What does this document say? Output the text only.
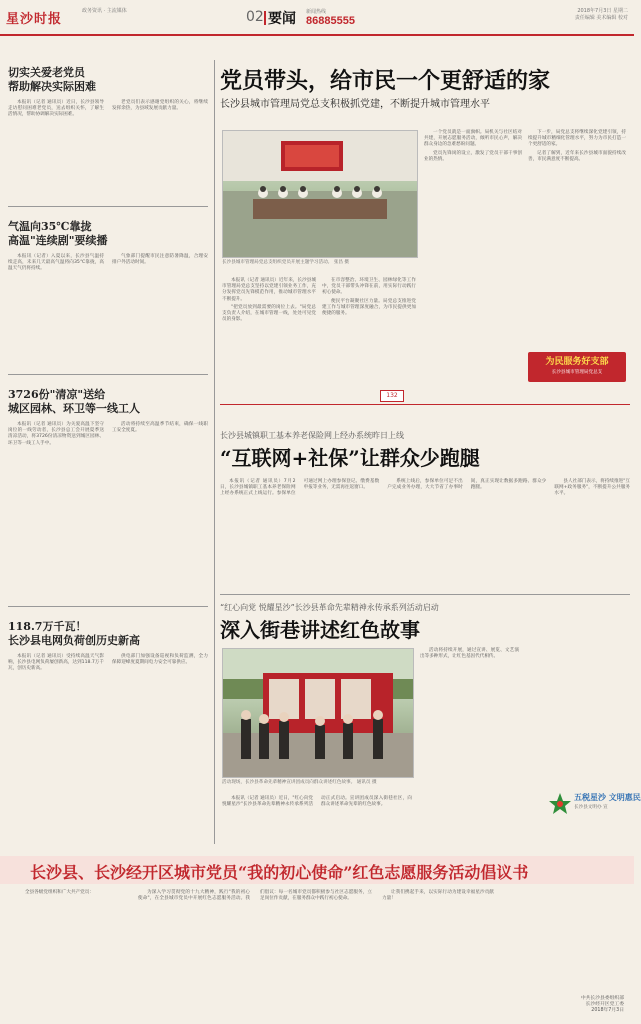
星沙时报
政务资讯 · 主流媒体	02 要闻 新闻热线
86885555
2018年7月3日 星期二
责任编辑 美术编辑 校对
切实关爱老党员
帮助解决实际困难

本报讯（记者 通讯员）近日，长沙县领导走访慰问困难老党员，送去组织关怀，了解生活情况，帮助协调解决实际困难。

老党员们表示感谢党组织的关心，将继续发挥余热，为县域发展贡献力量。

气温向35℃靠拢
高温"连续剧"要续播

本报讯（记者）入夏以来，长沙县气温持续走高，未来几天最高气温将向35℃靠拢，高温天气仍将持续。

气象部门提醒市民注意防暑降温，合理安排户外活动时间。

3726份"清凉"送给
城区园林、环卫等一线工人

本报讯（记者 通讯员）为关爱高温下坚守岗位的一线劳动者，长沙县总工会开展夏季送清凉活动，将3726份清凉物资送到城区园林、环卫等一线工人手中。

活动将持续至高温季节结束，确保一线职工安全度夏。

118.7万千瓦！
长沙县电网负荷创历史新高

本报讯（记者 通讯员）受持续高温天气影响，长沙县电网负荷屡创新高，达到118.7万千瓦，创历史新高。

供电部门加强设备巡视和负荷监测，全力保障迎峰度夏期间电力安全可靠供应。

党员带头，给市民一个更舒适的家
长沙县城市管理局党总支积极抓党建，不断提升城市管理水平
长沙县城市管理局党总支组织党员开展主题学习活动。 张昌 摄

本报讯（记者 通讯员）近年来，长沙县城市管理局党总支坚持以党建引领业务工作，充分发挥党员先锋模范作用，推动城市管理水平不断提升。

"把党员放到最需要的岗位上去。"局党总支负责人介绍，在城市管理一线，处处可见党员的身影。

在市容整治、环境卫生、园林绿化等工作中，党员干部带头冲锋在前，用实际行动践行初心使命。

便民平台凝聚社区力量。局党总支推进党建工作与城市管理深度融合，为市民提供更加便捷的服务。

一个党员就是一面旗帜。局机关与社区结对共建，开展志愿服务活动，倾听市民心声，解决群众身边的急难愁盼问题。

党员先锋岗的设立，激发了党员干部干事创业的热情。

下一步，局党总支将继续深化党建引领，持续提升城市精细化管理水平，努力为市民打造一个更舒适的家。

记者了解到，近年来长沙县城市面貌持续改善，市民满意度不断提高。

132
为民服务好支部
长沙县城市管理局党总支
长沙县城镇职工基本养老保险网上经办系统昨日上线
“互联网+社保”让群众少跑腿

本报讯（记者 通讯员）7月2日，长沙县城镇职工基本养老保险网上经办系统正式上线运行。参保单位可通过网上办理参保登记、缴费基数申报等业务，无需再往返窗口。

系统上线后，参保单位可足不出户完成业务办理，大大节省了办事时间，真正实现让数据多跑路、群众少跑腿。

县人社部门表示，将持续推进"互联网+政务服务"，不断提升公共服务水平。

“红心向党 悦耀星沙”长沙县革命先辈精神永传承系列活动启动
深入街巷讲述红色故事
活动现场，长沙县革命先辈精神宣讲团成员向群众讲述红色故事。 通讯员 摄

本报讯（记者 通讯员）近日，"红心向党 悦耀星沙"长沙县革命先辈精神永传承系列活动正式启动。宣讲团成员深入街巷社区，向群众讲述革命先辈的红色故事。

活动将持续开展，通过宣讲、展览、文艺演出等多种形式，让红色基因代代相传。

五税星沙 文明惠民
长沙县文明办 宣
长沙县、长沙经开区城市党员“我的初心使命”红色志愿服务活动倡议书

全县各级党组织和广大共产党员：	为深入学习贯彻党的十九大精神，践行"我的初心使命"，在全县城市党员中开展红色志愿服务活动。我们倡议：每一名城市党员都积极参与社区志愿服务，立足岗位作贡献，在服务群众中践行初心使命。

让我们携起手来，以实际行动为建设幸福星沙贡献力量！

中共长沙县委组织部
长沙经开区党工委
2018年7月3日
